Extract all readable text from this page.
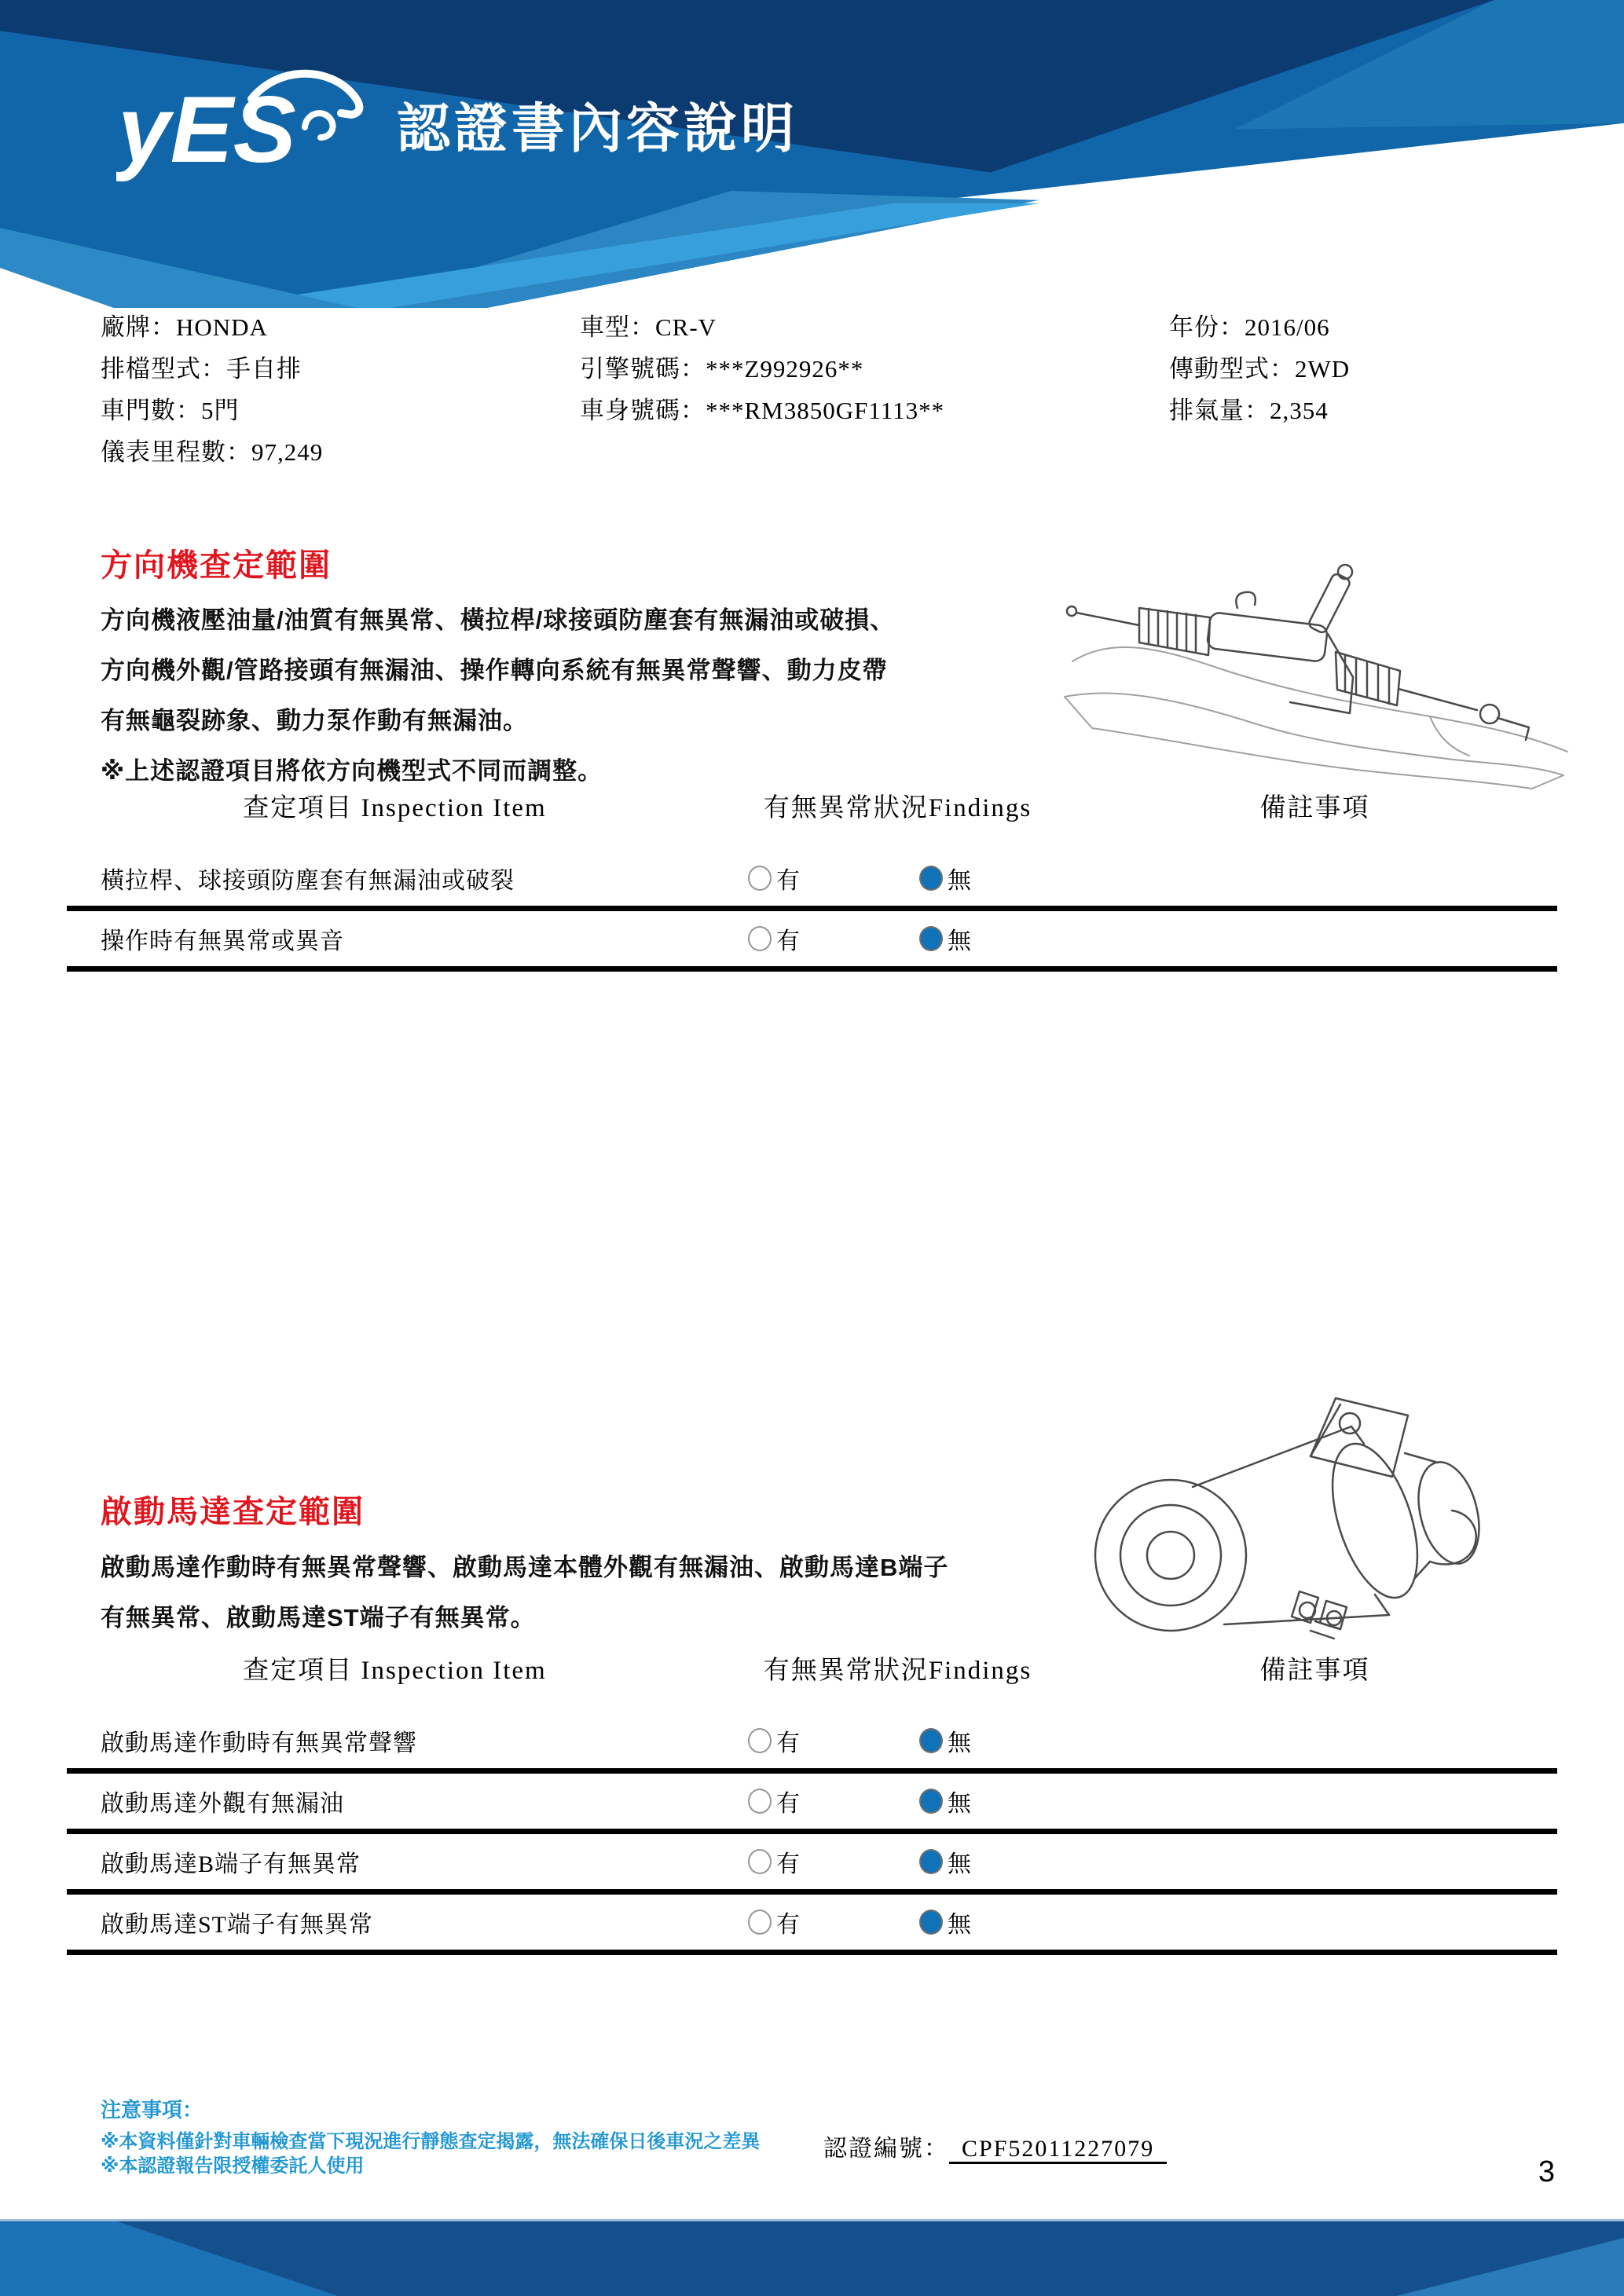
yES 認證書內容說明
廠牌：HONDA
排檔型式：手自排
車門數：5門
儀表里程數：97,249
車型：CR-V
引擎號碼：***Z992926**
車身號碼：***RM3850GF1113**
年份：2016/06
傳動型式：2WD
排氣量：2,354
方向機查定範圍
方向機液壓油量/油質有無異常、橫拉桿/球接頭防塵套有無漏油或破損、
方向機外觀/管路接頭有無漏油、操作轉向系統有無異常聲響、動力皮帶
有無龜裂跡象、動力泵作動有無漏油。
※上述認證項目將依方向機型式不同而調整。
查定項目 Inspection Item	有無異常狀況Findings	備註事項
橫拉桿、球接頭防塵套有無漏油或破裂	有	無
操作時有無異常或異音	有	無
啟動馬達查定範圍
啟動馬達作動時有無異常聲響、啟動馬達本體外觀有無漏油、啟動馬達B端子
有無異常、啟動馬達ST端子有無異常。
查定項目 Inspection Item	有無異常狀況Findings	備註事項
啟動馬達作動時有無異常聲響	有	無
啟動馬達外觀有無漏油	有	無
啟動馬達B端子有無異常	有	無
啟動馬達ST端子有無異常	有	無
注意事項：
※本資料僅針對車輛檢查當下現況進行靜態查定揭露，無法確保日後車況之差異
※本認證報告限授權委託人使用
認證編號： CPF52011227079
3
